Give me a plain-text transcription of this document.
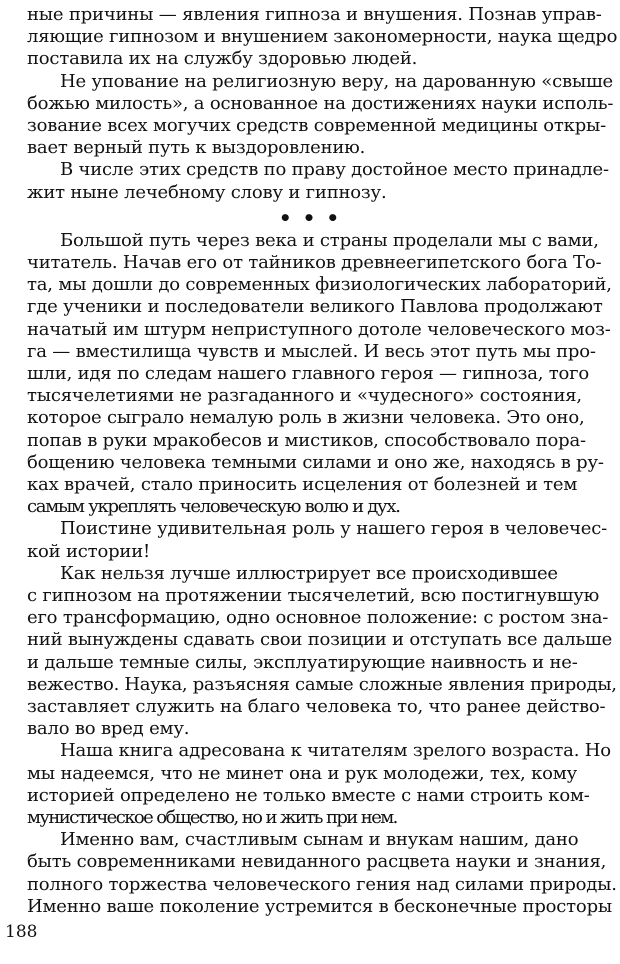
ные причины — явления гипноза и внушения. Познав управ-
ляющие гипнозом и внушением закономерности, наука щедро
поставила их на службу здоровью людей.
Не упование на религиозную веру, на дарованную «свыше
божью милость», а основанное на достижениях науки исполь-
зование всех могучих средств современной медицины откры-
вает верный путь к выздоровлению.
В числе этих средств по праву достойное место принадле-
жит ныне лечебному слову и гипнозу.
Большой путь через века и страны проделали мы с вами,
читатель. Начав его от тайников древнеегипетского бога То-
та, мы дошли до современных физиологических лабораторий,
где ученики и последователи великого Павлова продолжают
начатый им штурм неприступного дотоле человеческого моз-
га — вместилища чувств и мыслей. И весь этот путь мы про-
шли, идя по следам нашего главного героя — гипноза, того
тысячелетиями не разгаданного и «чудесного» состояния,
которое сыграло немалую роль в жизни человека. Это оно,
попав в руки мракобесов и мистиков, способствовало пора-
бощению человека темными силами и оно же, находясь в ру-
ках врачей, стало приносить исцеления от болезней и тем
самым укреплять человеческую волю и дух.
Поистине удивительная роль у нашего героя в человечес-
кой истории!
Как нельзя лучше иллюстрирует все происходившее
с гипнозом на протяжении тысячелетий, всю постигнувшую
его трансформацию, одно основное положение: с ростом зна-
ний вынуждены сдавать свои позиции и отступать все дальше
и дальше темные силы, эксплуатирующие наивность и не-
вежество. Наука, разъясняя самые сложные явления природы,
заставляет служить на благо человека то, что ранее действо-
вало во вред ему.
Наша книга адресована к читателям зрелого возраста. Но
мы надеемся, что не минет она и рук молодежи, тех, кому
историей определено не только вместе с нами строить ком-
мунистическое общество, но и жить при нем.
Именно вам, счастливым сынам и внукам нашим, дано
быть современниками невиданного расцвета науки и знания,
полного торжества человеческого гения над силами природы.
Именно ваше поколение устремится в бесконечные просторы
• • •
188
